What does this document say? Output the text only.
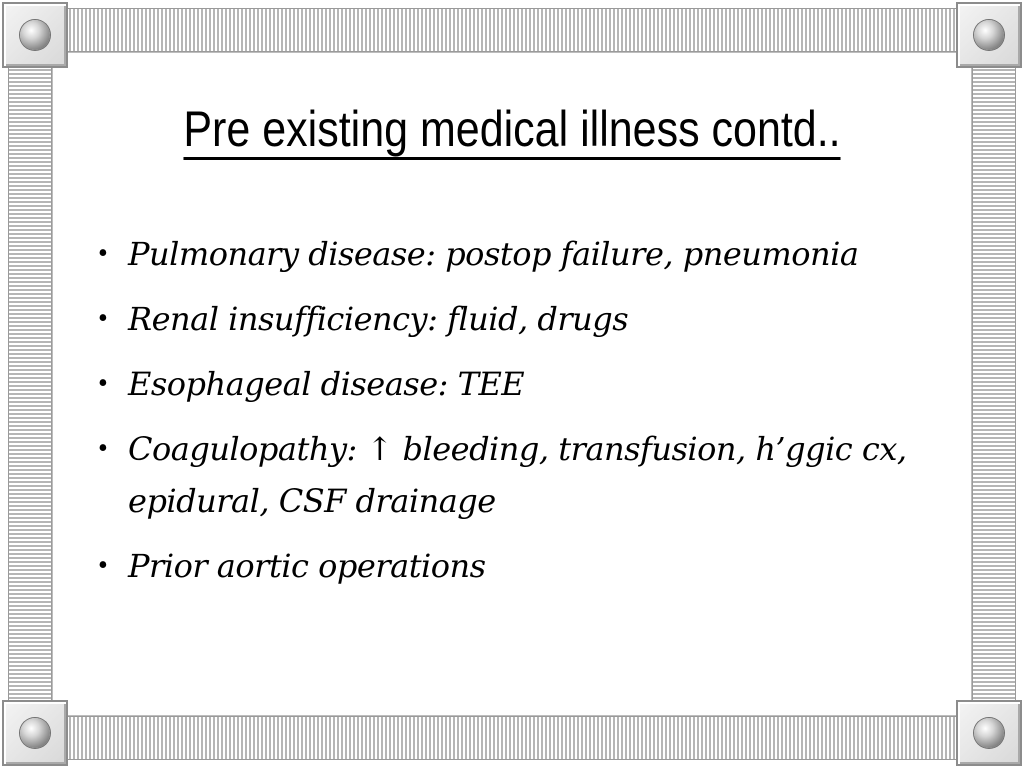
Pre existing medical illness contd..
• Pulmonary disease: postop failure, pneumonia
• Renal insufficiency: fluid, drugs
• Esophageal disease: TEE
• Coagulopathy: ↑ bleeding, transfusion, h’ggic cx, epidural, CSF drainage
• Prior aortic operations
